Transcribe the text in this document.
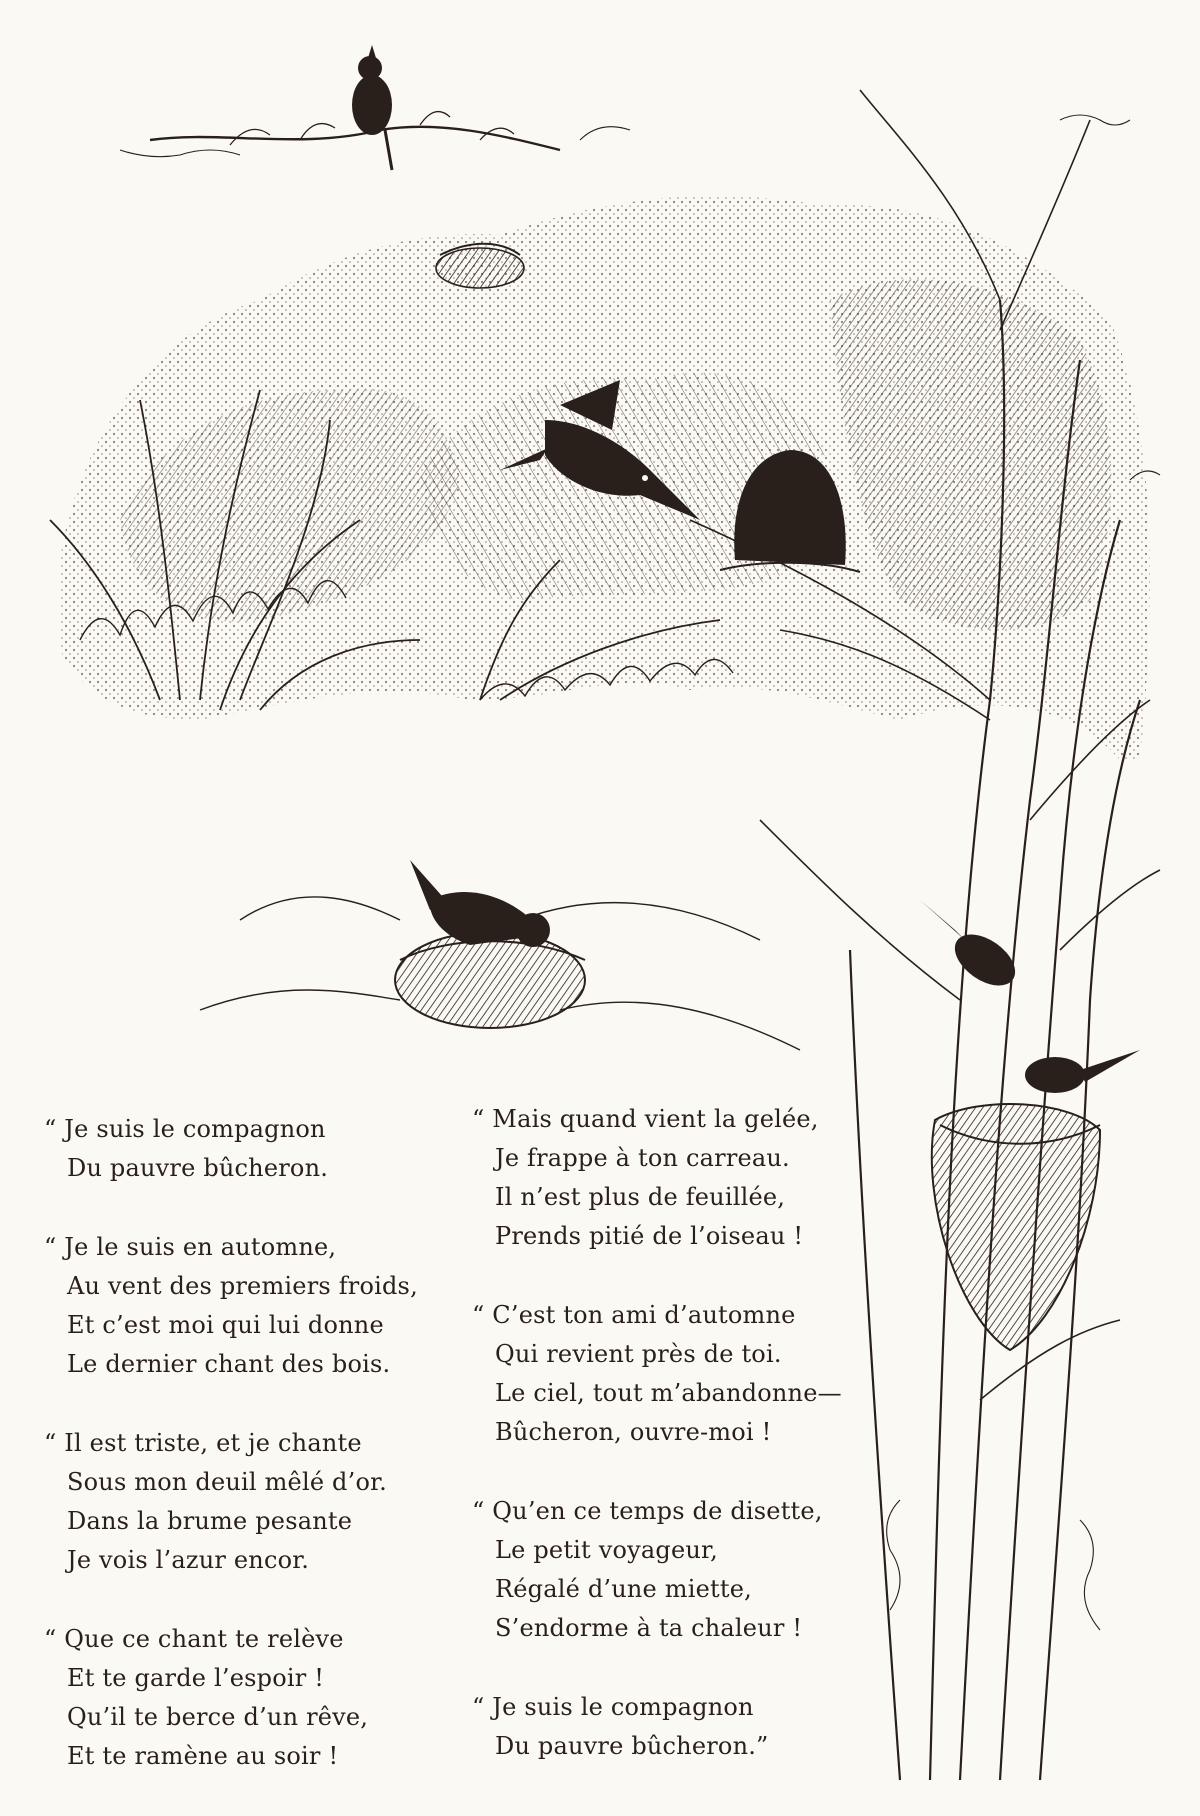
“ Je suis le compagnon
Du pauvre bûcheron.
“ Je le suis en automne,
Au vent des premiers froids,
Et c’est moi qui lui donne
Le dernier chant des bois.
“ Il est triste, et je chante
Sous mon deuil mêlé d’or.
Dans la brume pesante
Je vois l’azur encor.
“ Que ce chant te relève
Et te garde l’espoir !
Qu’il te berce d’un rêve,
Et te ramène au soir !
“ Mais quand vient la gelée,
Je frappe à ton carreau.
Il n’est plus de feuillée,
Prends pitié de l’oiseau !
“ C’est ton ami d’automne
Qui revient près de toi.
Le ciel, tout m’abandonne—
Bûcheron, ouvre-moi !
“ Qu’en ce temps de disette,
Le petit voyageur,
Régalé d’une miette,
S’endorme à ta chaleur !
“ Je suis le compagnon
Du pauvre bûcheron.”
